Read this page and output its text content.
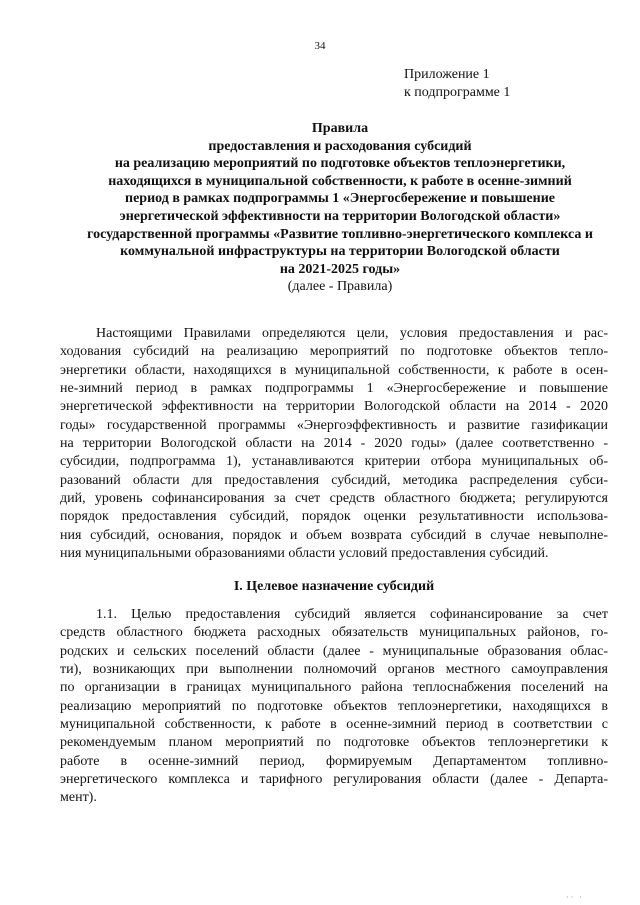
34
Приложение 1
к подпрограмме 1
Правила
предоставления и расходования субсидий
на реализацию мероприятий по подготовке объектов теплоэнергетики,
находящихся в муниципальной собственности, к работе в осенне-зимний
период в рамках подпрограммы 1 «Энергосбережение и повышение
энергетической эффективности на территории Вологодской области»
государственной программы «Развитие топливно-энергетического комплекса и
коммунальной инфраструктуры на территории Вологодской области
на 2021-2025 годы»
(далее - Правила)
Настоящими Правилами определяются цели, условия предоставления и рас-
ходования субсидий на реализацию мероприятий по подготовке объектов тепло-
энергетики области, находящихся в муниципальной собственности, к работе в осен-
не-зимний период в рамках подпрограммы 1 «Энергосбережение и повышение
энергетической эффективности на территории Вологодской области на 2014 - 2020
годы» государственной программы «Энергоэффективность и развитие газификации
на территории Вологодской области на 2014 - 2020 годы» (далее соответственно -
субсидии, подпрограмма 1), устанавливаются критерии отбора муниципальных об-
разований области для предоставления субсидий, методика распределения субси-
дий, уровень софинансирования за счет средств областного бюджета; регулируются
порядок предоставления субсидий, порядок оценки результативности использова-
ния субсидий, основания, порядок и объем возврата субсидий в случае невыполне-
ния муниципальными образованиями области условий предоставления субсидий.
I. Целевое назначение субсидий
1.1. Целью предоставления субсидий является софинансирование за счет
средств областного бюджета расходных обязательств муниципальных районов, го-
родских и сельских поселений области (далее - муниципальные образования облас-
ти), возникающих при выполнении полномочий органов местного самоуправления
по организации в границах муниципального района теплоснабжения поселений на
реализацию мероприятий по подготовке объектов теплоэнергетики, находящихся в
муниципальной собственности, к работе в осенне-зимний период в соответствии с
рекомендуемым планом мероприятий по подготовке объектов теплоэнергетики к
работе в осенне-зимний период, формируемым Департаментом топливно-
энергетического комплекса и тарифного регулирования области (далее - Департа-
мент).
·· ·
